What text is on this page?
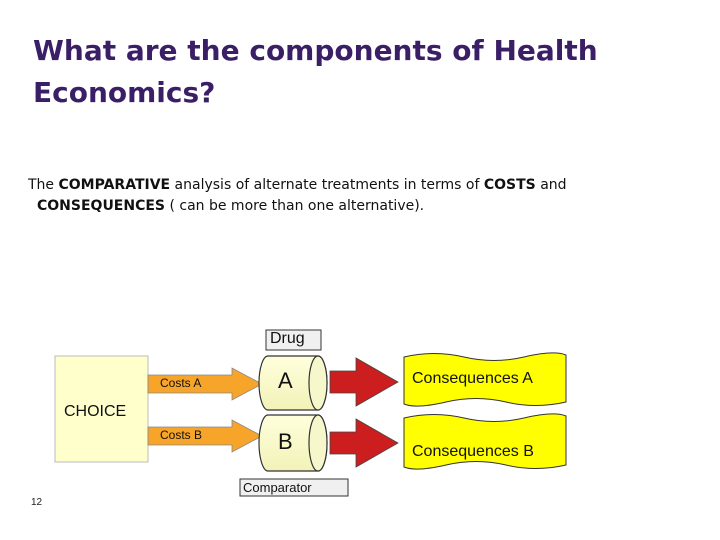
What are the components of Health
Economics?
The COMPARATIVE analysis of alternate treatments in terms of COSTS and
CONSEQUENCES ( can be more than one alternative).
CHOICE
Costs A
Costs B
Drug
Comparator
A
B
Consequences A
Consequences B
12
